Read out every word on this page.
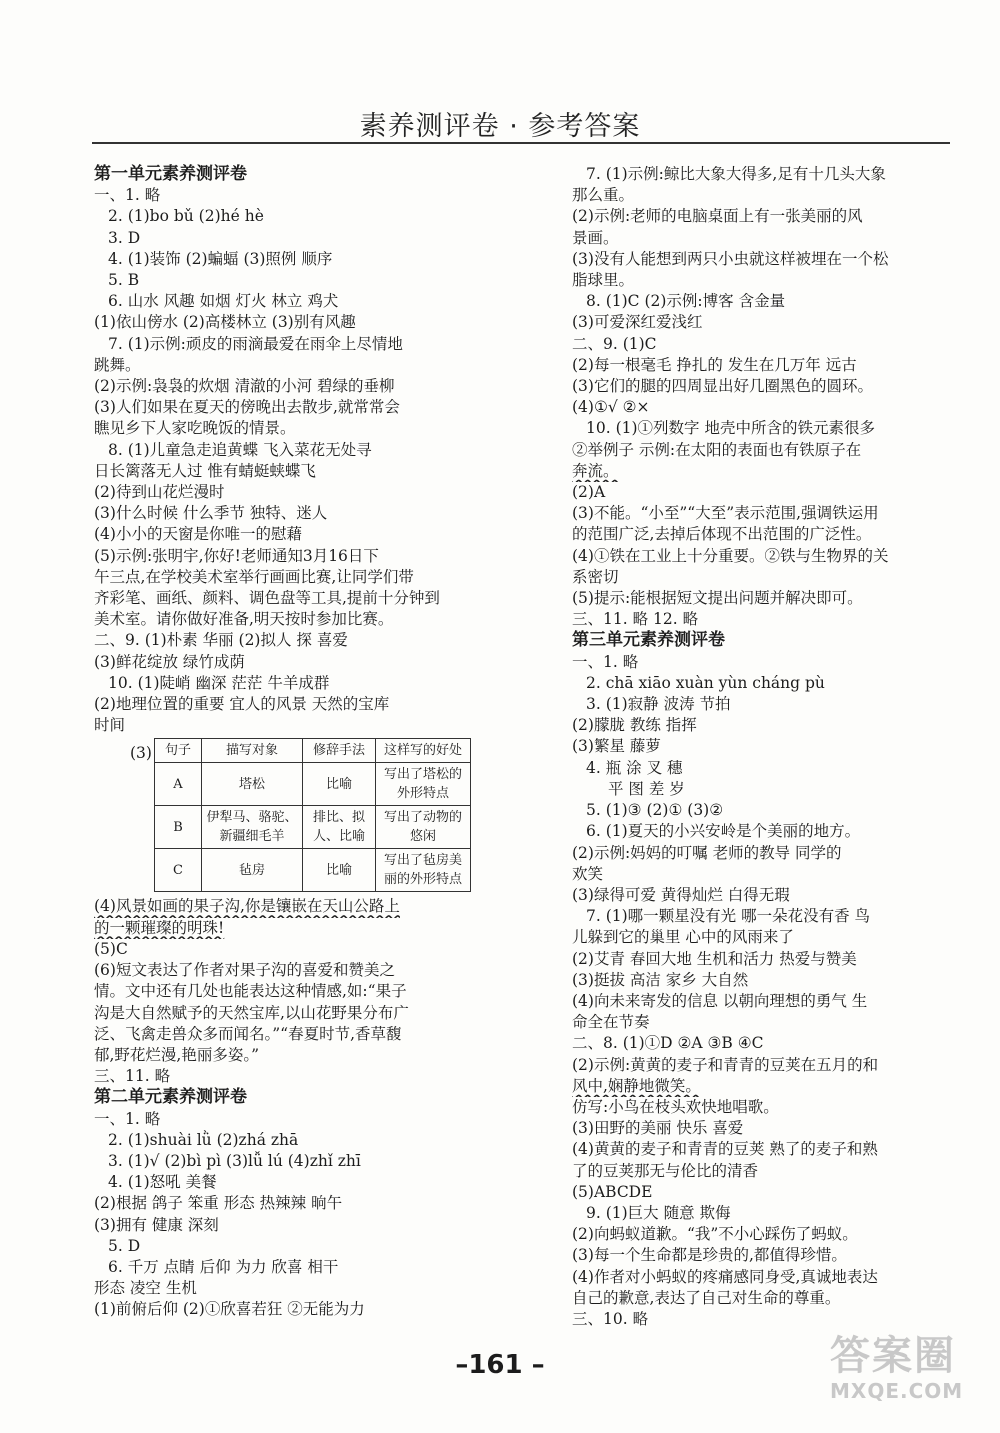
素养测评卷 · 参考答案
第一单元素养测评卷
一、1. 略
2. (1)bo bǔ (2)hé hè
3. D
4. (1)装饰 (2)蝙蝠 (3)照例 顺序
5. B
6. 山水 风趣 如烟 灯火 林立 鸡犬
(1)依山傍水 (2)高楼林立 (3)别有风趣
7. (1)示例:顽皮的雨滴最爱在雨伞上尽情地
跳舞。
(2)示例:袅袅的炊烟 清澈的小河 碧绿的垂柳
(3)人们如果在夏天的傍晚出去散步,就常常会
瞧见乡下人家吃晚饭的情景。
8. (1)儿童急走追黄蝶 飞入菜花无处寻
日长篱落无人过 惟有蜻蜓蛱蝶飞
(2)待到山花烂漫时
(3)什么时候 什么季节 独特、迷人
(4)小小的天窗是你唯一的慰藉
(5)示例:张明宇,你好!老师通知3月16日下
午三点,在学校美术室举行画画比赛,让同学们带
齐彩笔、画纸、颜料、调色盘等工具,提前十分钟到
美术室。请你做好准备,明天按时参加比赛。
二、9. (1)朴素 华丽 (2)拟人 探 喜爱
(3)鲜花绽放 绿竹成荫
10. (1)陡峭 幽深 茫茫 牛羊成群
(2)地理位置的重要 宜人的风景 天然的宝库
时间
(3) 句子	描写对象	修辞手法	这样写的好处
A	塔松	比喻	写出了塔松的外形特点
B	伊犁马、骆驼、新疆细毛羊	排比、拟人、比喻	写出了动物的悠闲
C	毡房	比喻	写出了毡房美丽的外形特点
(4)风景如画的果子沟,你是镶嵌在天山公路上
的一颗璀璨的明珠!
(5)C
(6)短文表达了作者对果子沟的喜爱和赞美之
情。文中还有几处也能表达这种情感,如:“果子
沟是大自然赋予的天然宝库,以山花野果分布广
泛、飞禽走兽众多而闻名。”“春夏时节,香草馥
郁,野花烂漫,艳丽多姿。”
三、11. 略
第二单元素养测评卷
一、1. 略
2. (1)shuài lǜ (2)zhá zhā
3. (1)√ (2)bì pì (3)lǚ lú (4)zhǐ zhī
4. (1)怒吼 美餐
(2)根据 鸽子 笨重 形态 热辣辣 晌午
(3)拥有 健康 深刻
5. D
6. 千万 点睛 后仰 为力 欣喜 相干
形态 凌空 生机
(1)前俯后仰 (2)①欣喜若狂 ②无能为力
7. (1)示例:鲸比大象大得多,足有十几头大象
那么重。
(2)示例:老师的电脑桌面上有一张美丽的风
景画。
(3)没有人能想到两只小虫就这样被埋在一个松
脂球里。
8. (1)C (2)示例:博客 含金量
(3)可爱深红爱浅红
二、9. (1)C
(2)每一根毫毛 挣扎的 发生在几万年 远古
(3)它们的腿的四周显出好几圈黑色的圆环。
(4)①√ ②×
10. (1)①列数字 地壳中所含的铁元素很多
②举例子 示例:在太阳的表面也有铁原子在
奔流。
(2)A
(3)不能。“小至”“大至”表示范围,强调铁运用
的范围广泛,去掉后体现不出范围的广泛性。
(4)①铁在工业上十分重要。②铁与生物界的关
系密切
(5)提示:能根据短文提出问题并解决即可。
三、11. 略 12. 略
第三单元素养测评卷
一、1. 略
2. chā xiāo xuàn yùn cháng pù
3. (1)寂静 波涛 节拍
(2)朦胧 教练 指挥
(3)繁星 藤萝
4. 瓶 涂 叉 穗
平 图 差 岁
5. (1)③ (2)① (3)②
6. (1)夏天的小兴安岭是个美丽的地方。
(2)示例:妈妈的叮嘱 老师的教导 同学的
欢笑
(3)绿得可爱 黄得灿烂 白得无瑕
7. (1)哪一颗星没有光 哪一朵花没有香 鸟
儿躲到它的巢里 心中的风雨来了
(2)艾青 春回大地 生机和活力 热爱与赞美
(3)挺拔 高洁 家乡 大自然
(4)向未来寄发的信息 以朝向理想的勇气 生
命全在节奏
二、8. (1)①D ②A ③B ④C
(2)示例:黄黄的麦子和青青的豆荚在五月的和
风中,娴静地微笑。
仿写:小鸟在枝头欢快地唱歌。
(3)田野的美丽 快乐 喜爱
(4)黄黄的麦子和青青的豆荚 熟了的麦子和熟
了的豆荚那无与伦比的清香
(5)ABCDE
9. (1)巨大 随意 欺侮
(2)向蚂蚁道歉。“我”不小心踩伤了蚂蚁。
(3)每一个生命都是珍贵的,都值得珍惜。
(4)作者对小蚂蚁的疼痛感同身受,真诚地表达
自己的歉意,表达了自己对生命的尊重。
三、10. 略
–161 –	答案圈
MXQE.COM
